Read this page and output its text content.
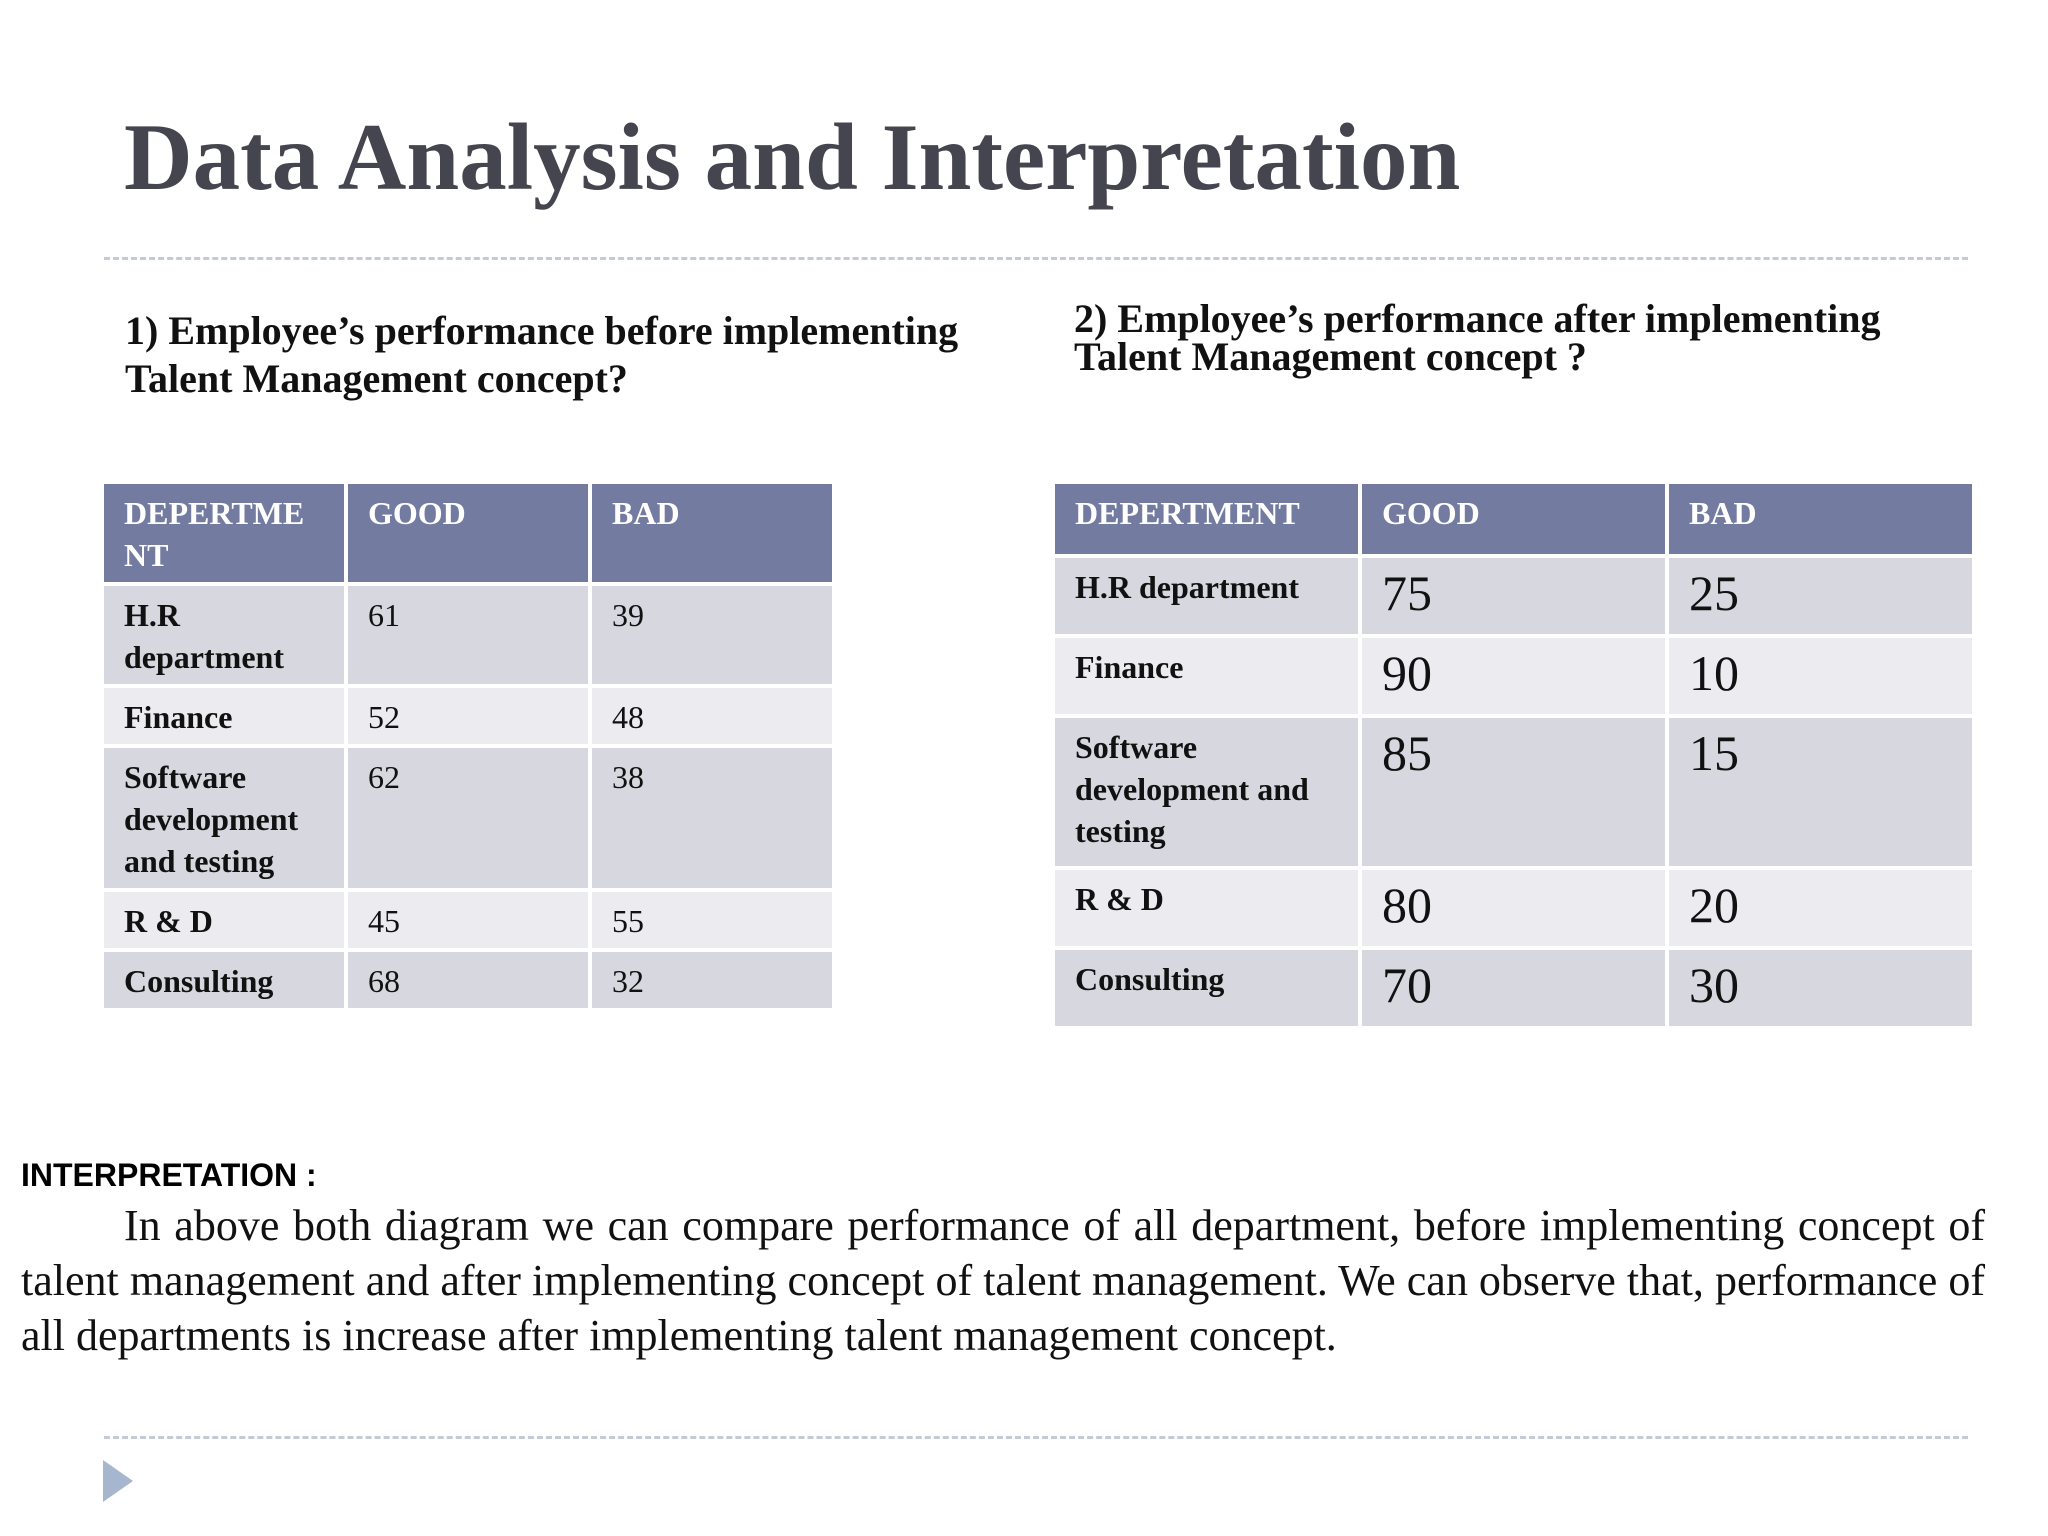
Data Analysis and Interpretation

1) Employee’s performance before implementing Talent Management concept?

2) Employee’s performance after implementing Talent Management concept ?

DEPERTME NT	GOOD	BAD
H.R department	61	39
Finance	52	48
Software development and testing	62	38
R & D	45	55
Consulting	68	32
DEPERTMENT	GOOD	BAD
H.R department	75	25
Finance	90	10
Software development and testing	85	15
R & D	80	20
Consulting	70	30

INTERPRETATION :

In above both diagram we can compare performance of all department, before implementing concept of talent management and after implementing concept of talent management. We can observe that, performance of all departments is increase after implementing talent management concept.
